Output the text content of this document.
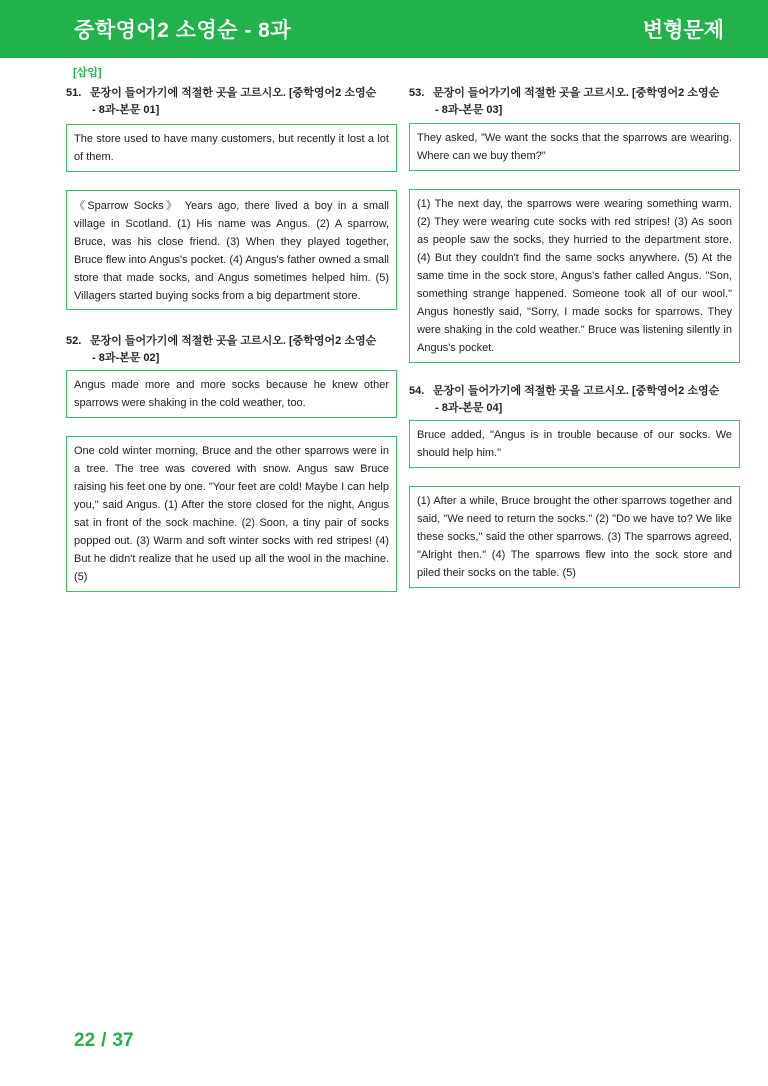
중학영어2 소영순 - 8과	변형문제
[삽입]
51. 문장이 들어가기에 적절한 곳을 고르시오. [중학영어2 소영순
- 8과-본문 01]
The store used to have many customers, but recently it lost a lot of them.
《Sparrow Socks》 Years ago, there lived a boy in a small village in Scotland. (1) His name was Angus. (2) A sparrow, Bruce, was his close friend. (3) When they played together, Bruce flew into Angus's pocket. (4) Angus's father owned a small store that made socks, and Angus sometimes helped him. (5) Villagers started buying socks from a big department store.
52. 문장이 들어가기에 적절한 곳을 고르시오. [중학영어2 소영순
- 8과-본문 02]
Angus made more and more socks because he knew other sparrows were shaking in the cold weather, too.
One cold winter morning, Bruce and the other sparrows were in a tree. The tree was covered with snow. Angus saw Bruce raising his feet one by one. "Your feet are cold! Maybe I can help you," said Angus. (1) After the store closed for the night, Angus sat in front of the sock machine. (2) Soon, a tiny pair of socks popped out. (3) Warm and soft winter socks with red stripes! (4) But he didn't realize that he used up all the wool in the machine. (5)
53. 문장이 들어가기에 적절한 곳을 고르시오. [중학영어2 소영순
- 8과-본문 03]
They asked, "We want the socks that the sparrows are wearing. Where can we buy them?"
(1) The next day, the sparrows were wearing something warm. (2) They were wearing cute socks with red stripes! (3) As soon as people saw the socks, they hurried to the department store. (4) But they couldn't find the same socks anywhere. (5) At the same time in the sock store, Angus's father called Angus. "Son, something strange happened. Someone took all of our wool." Angus honestly said, "Sorry, I made socks for sparrows. They were shaking in the cold weather." Bruce was listening silently in Angus's pocket.
54. 문장이 들어가기에 적절한 곳을 고르시오. [중학영어2 소영순
- 8과-본문 04]
Bruce added, "Angus is in trouble because of our socks. We should help him."
(1) After a while, Bruce brought the other sparrows together and said, "We need to return the socks." (2) "Do we have to? We like these socks," said the other sparrows. (3) The sparrows agreed, "Alright then." (4) The sparrows flew into the sock store and piled their socks on the table. (5)
22 / 37
